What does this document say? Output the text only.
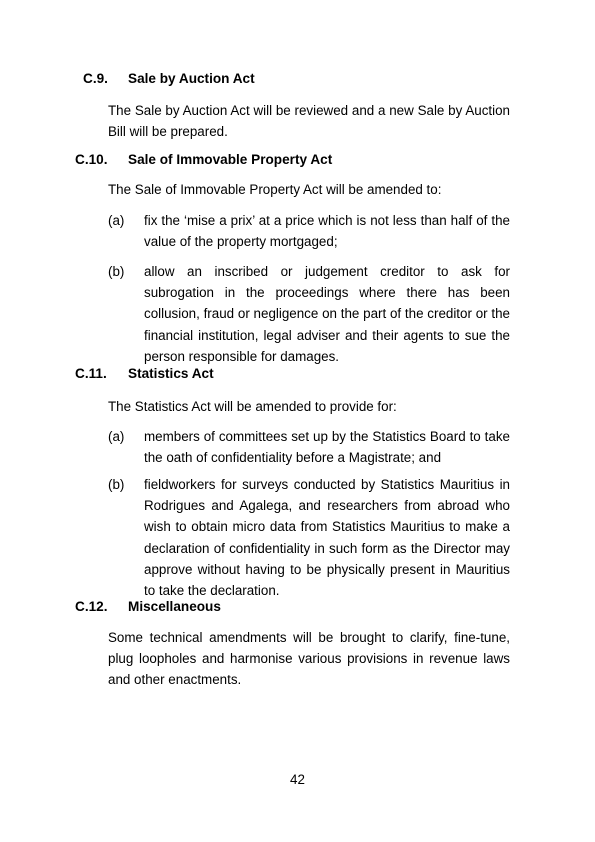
C.9. Sale by Auction Act

The Sale by Auction Act will be reviewed and a new Sale by Auction Bill will be prepared.

C.10. Sale of Immovable Property Act

The Sale of Immovable Property Act will be amended to:

(a) fix the ‘mise a prix’ at a price which is not less than half of the value of the property mortgaged;

(b) allow an inscribed or judgement creditor to ask for subrogation in the proceedings where there has been collusion, fraud or negligence on the part of the creditor or the financial institution, legal adviser and their agents to sue the person responsible for damages.

C.11. Statistics Act

The Statistics Act will be amended to provide for:

(a) members of committees set up by the Statistics Board to take the oath of confidentiality before a Magistrate; and

(b) fieldworkers for surveys conducted by Statistics Mauritius in Rodrigues and Agalega, and researchers from abroad who wish to obtain micro data from Statistics Mauritius to make a declaration of confidentiality in such form as the Director may approve without having to be physically present in Mauritius to take the declaration.

C.12. Miscellaneous

Some technical amendments will be brought to clarify, fine-tune, plug loopholes and harmonise various provisions in revenue laws and other enactments.

42
